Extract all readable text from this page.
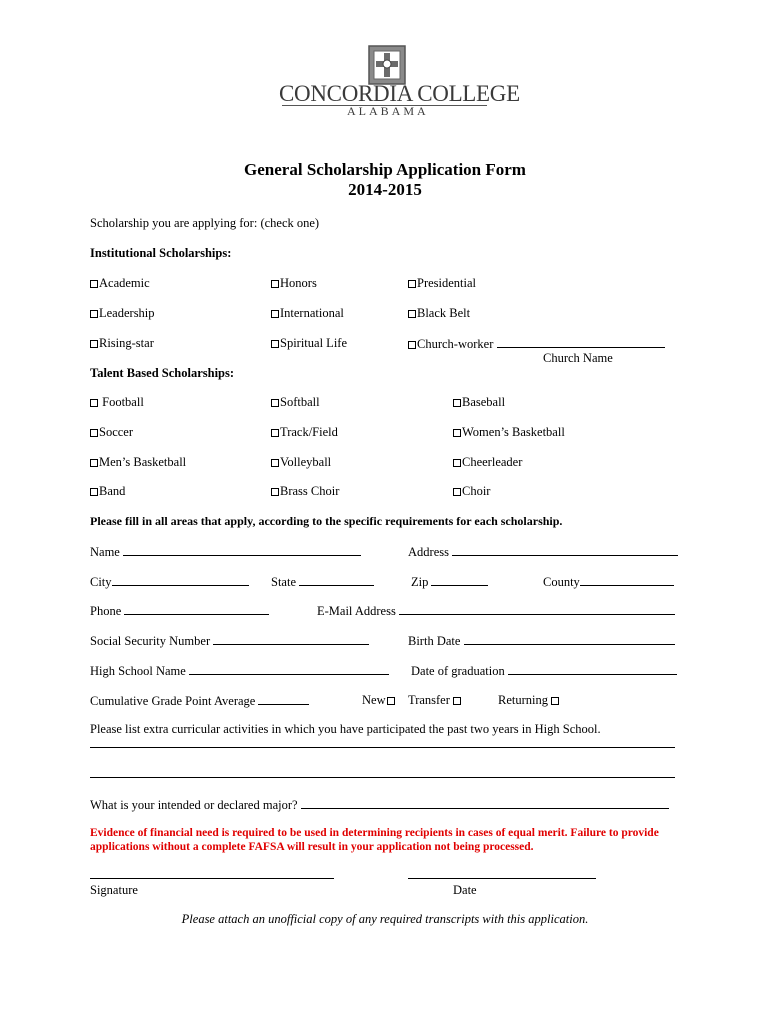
CONCORDIA COLLEGE
ALABAMA
General Scholarship Application Form
2014-2015
Scholarship you are applying for: (check one)
Institutional Scholarships:
Academic	Honors	Presidential
Leadership	International	Black Belt
Rising-star	Spiritual Life	Church-worker
Church Name
Talent Based Scholarships:
Football	Softball	Baseball
Soccer	Track/Field	Women’s Basketball
Men’s Basketball	Volleyball	Cheerleader
Band	Brass Choir	Choir
Please fill in all areas that apply, according to the specific requirements for each scholarship.
Name	Address
City	State	Zip	County
Phone	E-Mail Address
Social Security Number	Birth Date
High School Name	Date of graduation
Cumulative Grade Point Average	New	Transfer	Returning
Please list extra curricular activities in which you have participated the past two years in High School.
What is your intended or declared major?
Evidence of financial need is required to be used in determining recipients in cases of equal merit. Failure to provide applications without a complete FAFSA will result in your application not being processed.
Signature	Date
Please attach an unofficial copy of any required transcripts with this application.
